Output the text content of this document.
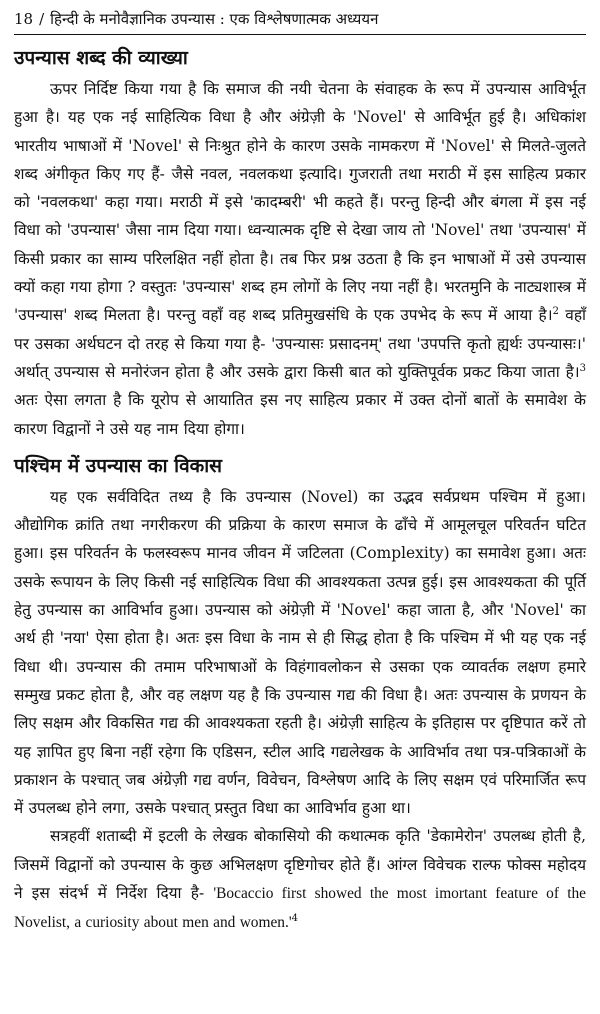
18 / हिन्दी के मनोवैज्ञानिक उपन्यास : एक विश्लेषणात्मक अध्ययन
उपन्यास शब्द की व्याख्या

ऊपर निर्दिष्ट किया गया है कि समाज की नयी चेतना के संवाहक के रूप में उपन्यास आविर्भूत हुआ है। यह एक नई साहित्यिक विधा है और अंग्रेज़ी के 'Novel' से आविर्भूत हुई है। अधिकांश भारतीय भाषाओं में 'Novel' से निःश्रुत होने के कारण उसके नामकरण में 'Novel' से मिलते-जुलते शब्द अंगीकृत किए गए हैं- जैसे नवल, नवलकथा इत्यादि। गुजराती तथा मराठी में इस साहित्य प्रकार को 'नवलकथा' कहा गया। मराठी में इसे 'कादम्बरी' भी कहते हैं। परन्तु हिन्दी और बंगला में इस नई विधा को 'उपन्यास' जैसा नाम दिया गया। ध्वन्यात्मक दृष्टि से देखा जाय तो 'Novel' तथा 'उपन्यास' में किसी प्रकार का साम्य परिलक्षित नहीं होता है। तब फिर प्रश्न उठता है कि इन भाषाओं में उसे उपन्यास क्यों कहा गया होगा ? वस्तुतः 'उपन्यास' शब्द हम लोगों के लिए नया नहीं है। भरतमुनि के नाट्यशास्त्र में 'उपन्यास' शब्द मिलता है। परन्तु वहाँ वह शब्द प्रतिमुखसंधि के एक उपभेद के रूप में आया है।$^2$ वहाँ पर उसका अर्थघटन दो तरह से किया गया है- 'उपन्यासः प्रसादनम्' तथा 'उपपत्ति कृतो ह्यर्थः उपन्यासः।' अर्थात् उपन्यास से मनोरंजन होता है और उसके द्वारा किसी बात को युक्तिपूर्वक प्रकट किया जाता है।$^3$ अतः ऐसा लगता है कि यूरोप से आयातित इस नए साहित्य प्रकार में उक्त दोनों बातों के समावेश के कारण विद्वानों ने उसे यह नाम दिया होगा।

पश्चिम में उपन्यास का विकास

यह एक सर्वविदित तथ्य है कि उपन्यास (Novel) का उद्भव सर्वप्रथम पश्चिम में हुआ। औद्योगिक क्रांति तथा नगरीकरण की प्रक्रिया के कारण समाज के ढाँचे में आमूलचूल परिवर्तन घटित हुआ। इस परिवर्तन के फलस्वरूप मानव जीवन में जटिलता (Complexity) का समावेश हुआ। अतः उसके रूपायन के लिए किसी नई साहित्यिक विधा की आवश्यकता उत्पन्न हुई। इस आवश्यकता की पूर्ति हेतु उपन्यास का आविर्भाव हुआ। उपन्यास को अंग्रेज़ी में 'Novel' कहा जाता है, और 'Novel' का अर्थ ही 'नया' ऐसा होता है। अतः इस विधा के नाम से ही सिद्ध होता है कि पश्चिम में भी यह एक नई विधा थी। उपन्यास की तमाम परिभाषाओं के विहंगावलोकन से उसका एक व्यावर्तक लक्षण हमारे सम्मुख प्रकट होता है, और वह लक्षण यह है कि उपन्यास गद्य की विधा है। अतः उपन्यास के प्रणयन के लिए सक्षम और विकसित गद्य की आवश्यकता रहती है। अंग्रेज़ी साहित्य के इतिहास पर दृष्टिपात करें तो यह ज्ञापित हुए बिना नहीं रहेगा कि एडिसन, स्टील आदि गद्यलेखक के आविर्भाव तथा पत्र-पत्रिकाओं के प्रकाशन के पश्चात् जब अंग्रेज़ी गद्य वर्णन, विवेचन, विश्लेषण आदि के लिए सक्षम एवं परिमार्जित रूप में उपलब्ध होने लगा, उसके पश्चात् प्रस्तुत विधा का आविर्भाव हुआ था।

सत्रहवीं शताब्दी में इटली के लेखक बोकासियो की कथात्मक कृति 'डेकामेरोन' उपलब्ध होती है, जिसमें विद्वानों को उपन्यास के कुछ अभिलक्षण दृष्टिगोचर होते हैं। आंग्ल विवेचक राल्फ फोक्स महोदय ने इस संदर्भ में निर्देश दिया है- 'Bocaccio first showed the most imortant feature of the Novelist, a curiosity about men and $women.'^4$
